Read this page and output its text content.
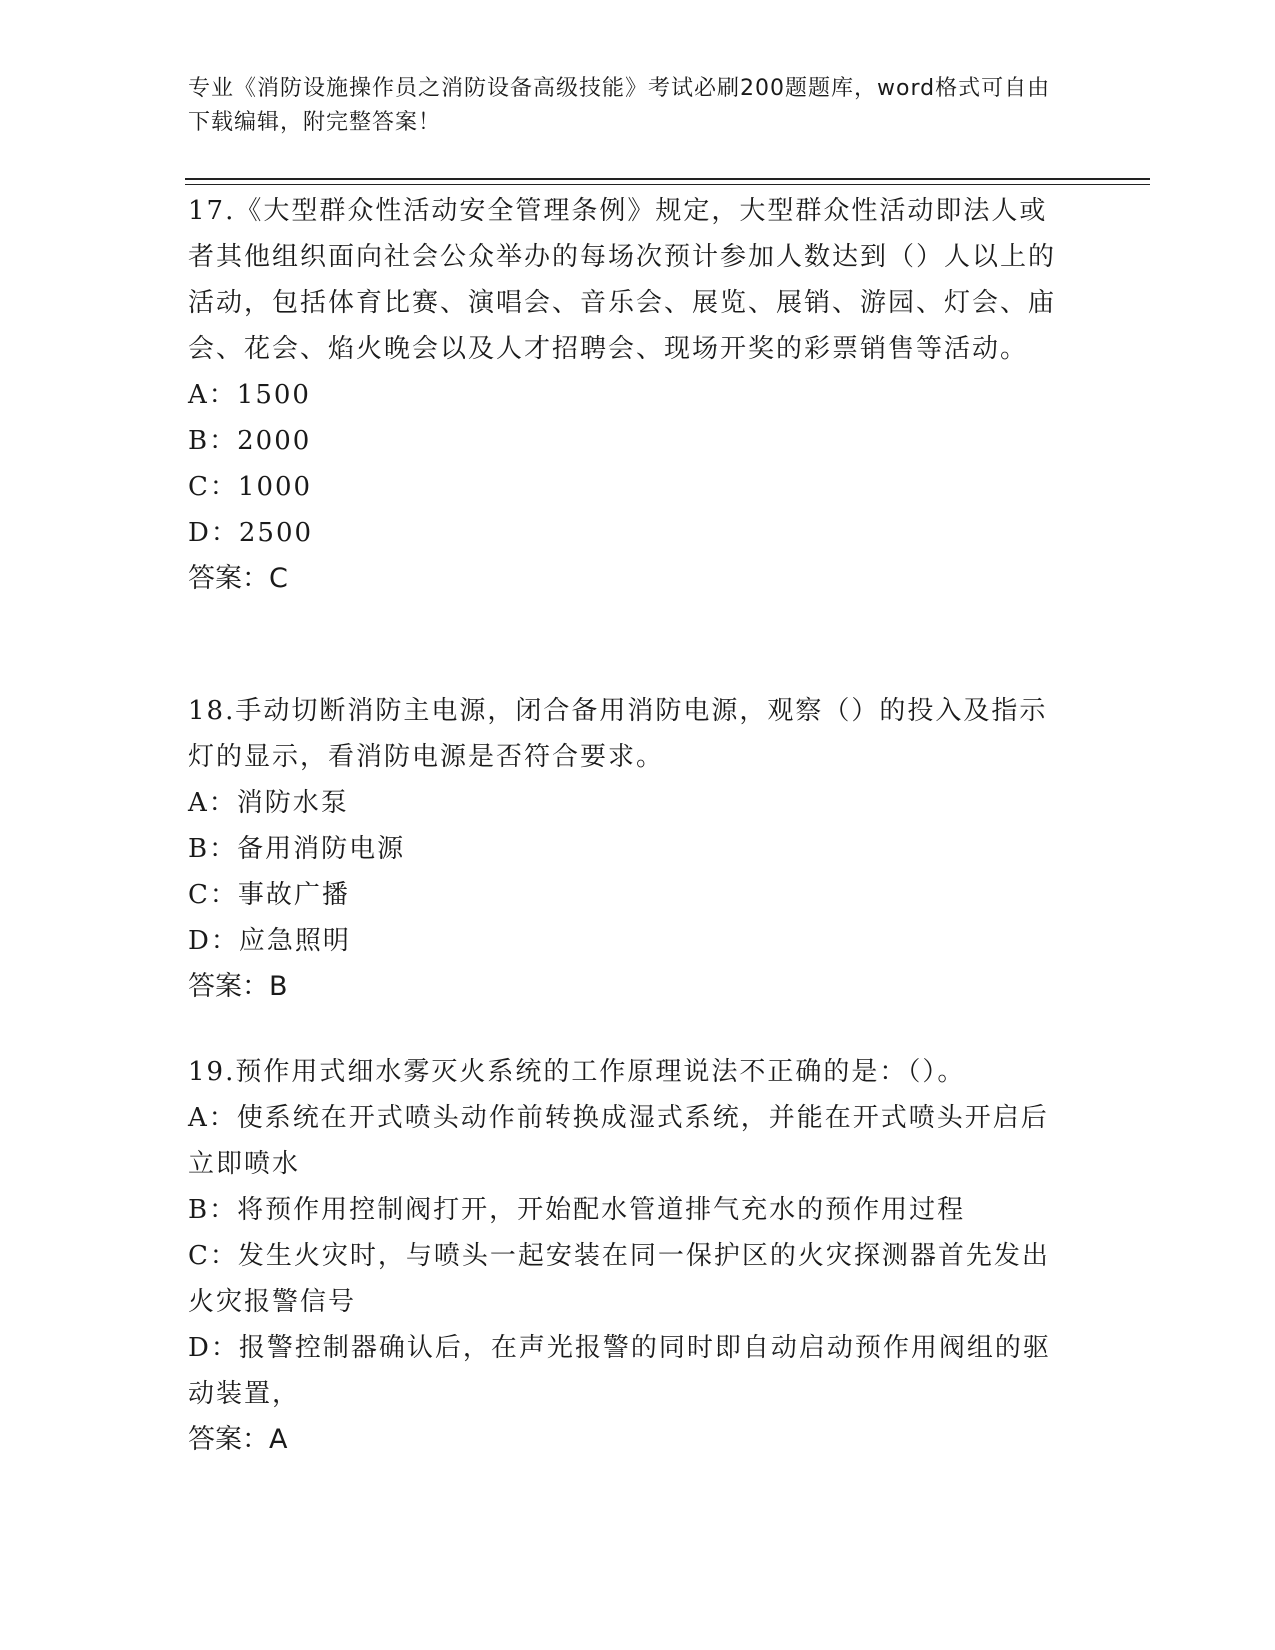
专业《消防设施操作员之消防设备高级技能》考试必刷200题题库，word格式可自由下载编辑，附完整答案！

17.《大型群众性活动安全管理条例》规定，大型群众性活动即法人或者其他组织面向社会公众举办的每场次预计参加人数达到（）人以上的活动，包括体育比赛、演唱会、音乐会、展览、展销、游园、灯会、庙会、花会、焰火晚会以及人才招聘会、现场开奖的彩票销售等活动。

A：1500

B：2000

C：1000

D：2500

答案：C

18.手动切断消防主电源，闭合备用消防电源，观察（）的投入及指示灯的显示，看消防电源是否符合要求。

A：消防水泵

B：备用消防电源

C：事故广播

D：应急照明

答案：B

19.预作用式细水雾灭火系统的工作原理说法不正确的是：（）。

A：使系统在开式喷头动作前转换成湿式系统，并能在开式喷头开启后立即喷水

B：将预作用控制阀打开，开始配水管道排气充水的预作用过程

C：发生火灾时，与喷头一起安装在同一保护区的火灾探测器首先发出火灾报警信号

D：报警控制器确认后，在声光报警的同时即自动启动预作用阀组的驱动装置，

答案：A
